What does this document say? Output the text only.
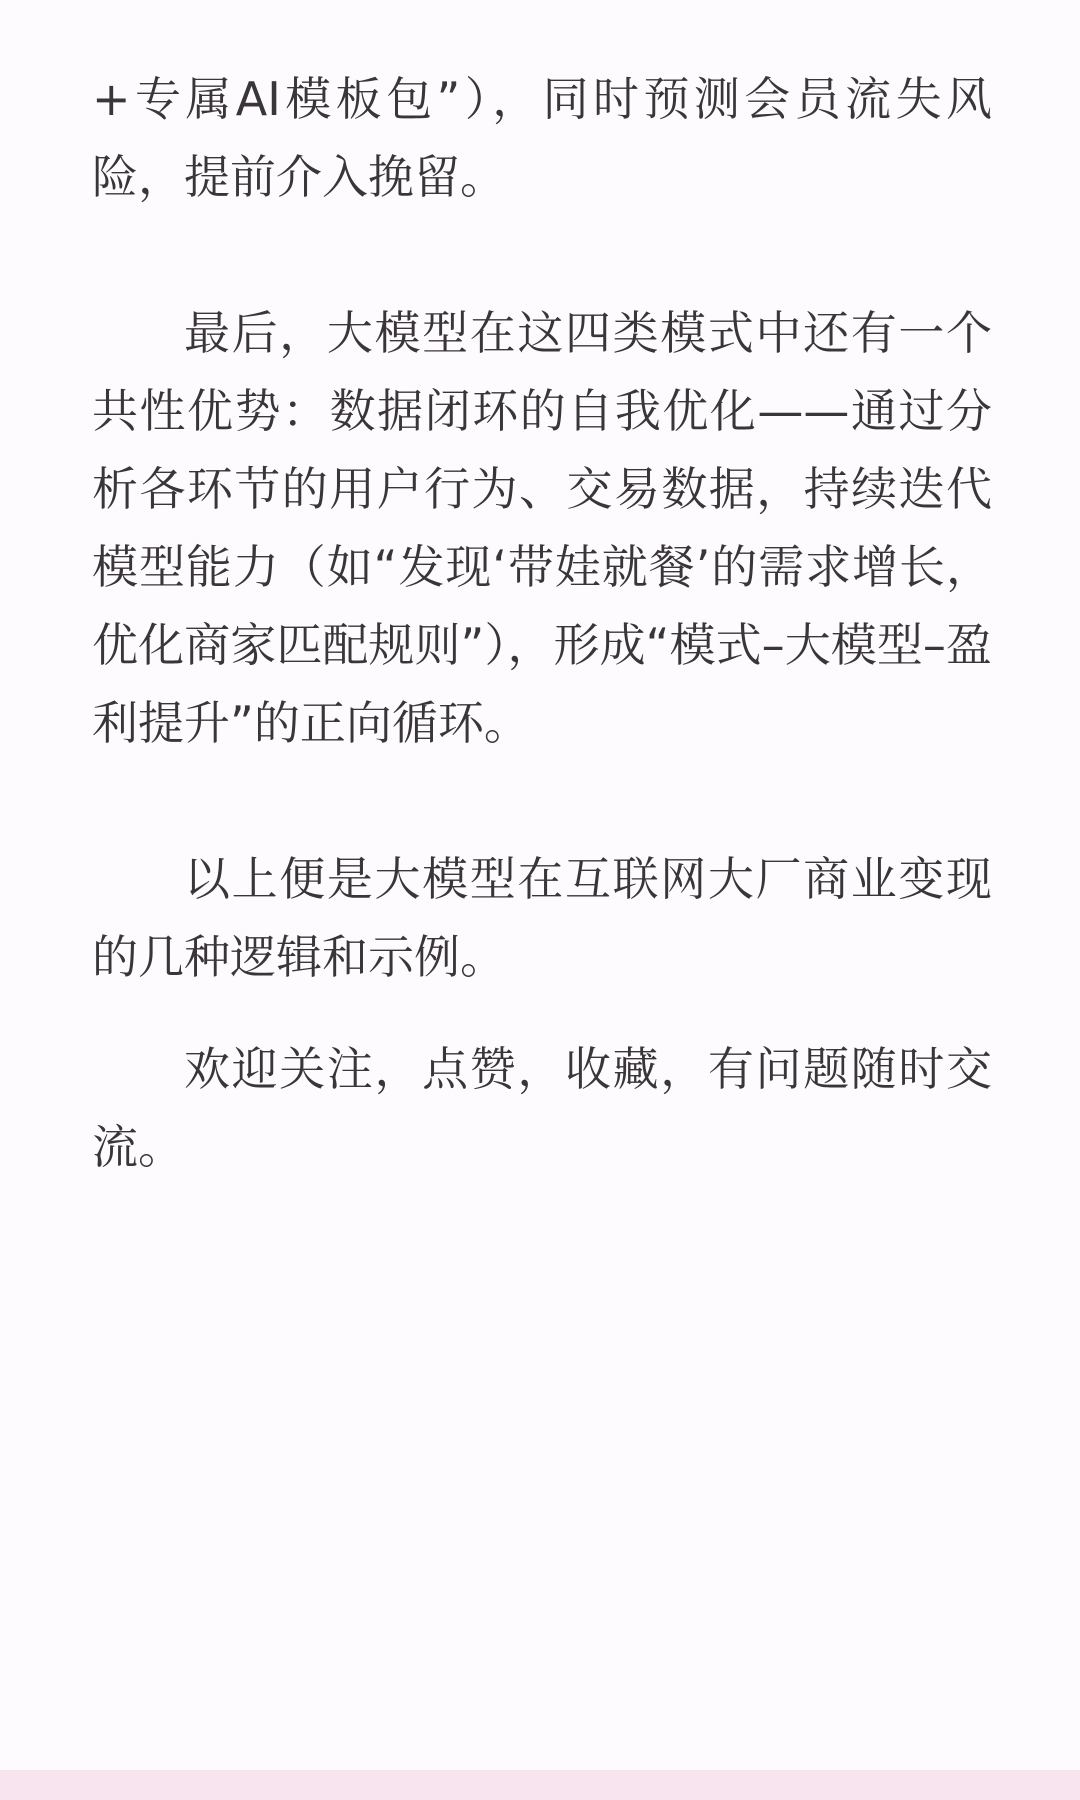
+专属AI模板包”），同时预测会员流失风险，提前介入挽留。

最后，大模型在这四类模式中还有一个共性优势：数据闭环的自我优化——通过分析各环节的用户行为、交易数据，持续迭代模型能力（如“发现‘带娃就餐’的需求增长，优化商家匹配规则”），形成“模式–大模型–盈利提升”的正向循环。

以上便是大模型在互联网大厂商业变现的几种逻辑和示例。

欢迎关注，点赞，收藏，有问题随时交流。
